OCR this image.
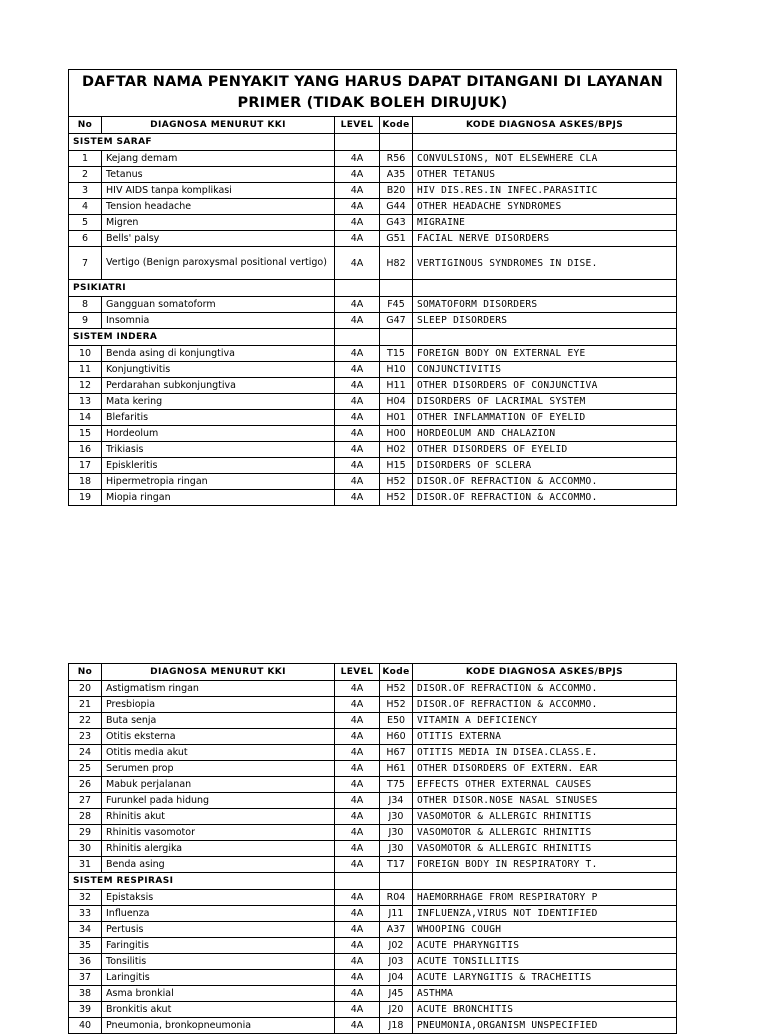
DAFTAR NAMA PENYAKIT YANG HARUS DAPAT DITANGANI DI LAYANAN PRIMER (TIDAK BOLEH DIRUJUK)				
No	DIAGNOSA MENURUT KKI	LEVEL	Kode	KODE DIAGNOSA ASKES/BPJS
SISTEM SARAF				
1	Kejang demam	4A	R56	CONVULSIONS, NOT ELSEWHERE CLA
2	Tetanus	4A	A35	OTHER TETANUS
3	HIV AIDS tanpa komplikasi	4A	B20	HIV DIS.RES.IN INFEC.PARASITIC
4	Tension headache	4A	G44	OTHER HEADACHE SYNDROMES
5	Migren	4A	G43	MIGRAINE
6	Bells' palsy	4A	G51	FACIAL NERVE DISORDERS
7	Vertigo (Benign paroxysmal positional vertigo)	4A	H82	VERTIGINOUS SYNDROMES IN DISE.
PSIKIATRI				
8	Gangguan somatoform	4A	F45	SOMATOFORM DISORDERS
9	Insomnia	4A	G47	SLEEP DISORDERS
SISTEM INDERA				
10	Benda asing di konjungtiva	4A	T15	FOREIGN BODY ON EXTERNAL EYE
11	Konjungtivitis	4A	H10	CONJUNCTIVITIS
12	Perdarahan subkonjungtiva	4A	H11	OTHER DISORDERS OF CONJUNCTIVA
13	Mata kering	4A	H04	DISORDERS OF LACRIMAL SYSTEM
14	Blefaritis	4A	H01	OTHER INFLAMMATION OF EYELID
15	Hordeolum	4A	H00	HORDEOLUM AND CHALAZION
16	Trikiasis	4A	H02	OTHER DISORDERS OF EYELID
17	Episkleritis	4A	H15	DISORDERS OF SCLERA
18	Hipermetropia ringan	4A	H52	DISOR.OF REFRACTION & ACCOMMO.
19	Miopia ringan	4A	H52	DISOR.OF REFRACTION & ACCOMMO.
No	DIAGNOSA MENURUT KKI	LEVEL	Kode	KODE DIAGNOSA ASKES/BPJS
20	Astigmatism ringan	4A	H52	DISOR.OF REFRACTION & ACCOMMO.
21	Presbiopia	4A	H52	DISOR.OF REFRACTION & ACCOMMO.
22	Buta senja	4A	E50	VITAMIN A DEFICIENCY
23	Otitis eksterna	4A	H60	OTITIS EXTERNA
24	Otitis media akut	4A	H67	OTITIS MEDIA IN DISEA.CLASS.E.
25	Serumen prop	4A	H61	OTHER DISORDERS OF EXTERN. EAR
26	Mabuk perjalanan	4A	T75	EFFECTS OTHER EXTERNAL CAUSES
27	Furunkel pada hidung	4A	J34	OTHER DISOR.NOSE NASAL SINUSES
28	Rhinitis akut	4A	J30	VASOMOTOR & ALLERGIC RHINITIS
29	Rhinitis vasomotor	4A	J30	VASOMOTOR & ALLERGIC RHINITIS
30	Rhinitis alergika	4A	J30	VASOMOTOR & ALLERGIC RHINITIS
31	Benda asing	4A	T17	FOREIGN BODY IN RESPIRATORY T.
SISTEM RESPIRASI				
32	Epistaksis	4A	R04	HAEMORRHAGE FROM RESPIRATORY P
33	Influenza	4A	J11	INFLUENZA,VIRUS NOT IDENTIFIED
34	Pertusis	4A	A37	WHOOPING COUGH
35	Faringitis	4A	J02	ACUTE PHARYNGITIS
36	Tonsilitis	4A	J03	ACUTE TONSILLITIS
37	Laringitis	4A	J04	ACUTE LARYNGITIS & TRACHEITIS
38	Asma bronkial	4A	J45	ASTHMA
39	Bronkitis akut	4A	J20	ACUTE BRONCHITIS
40	Pneumonia, bronkopneumonia	4A	J18	PNEUMONIA,ORGANISM UNSPECIFIED
